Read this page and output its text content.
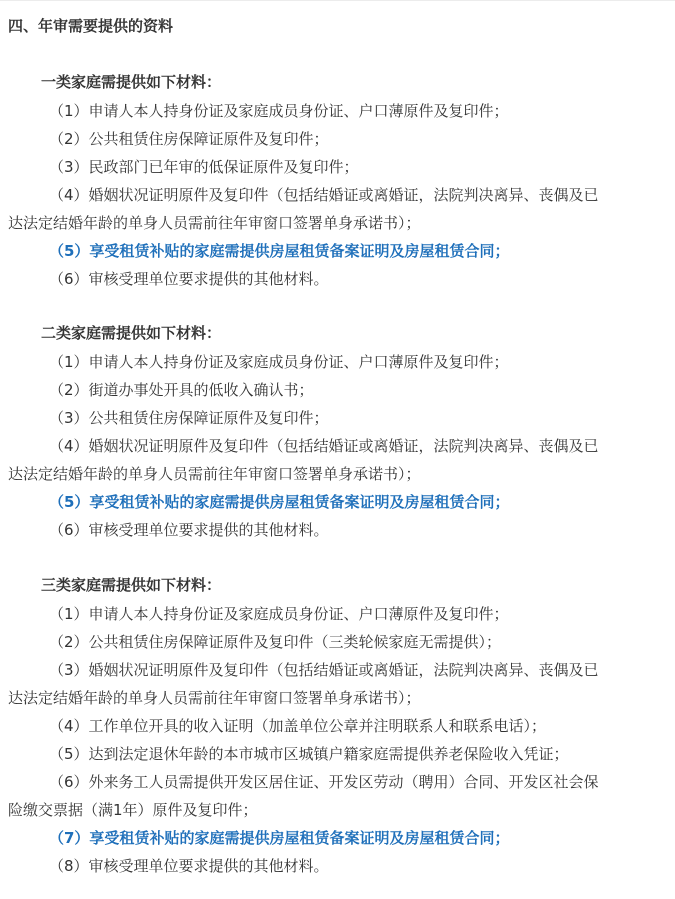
四、年审需要提供的资料
一类家庭需提供如下材料：
（1）申请人本人持身份证及家庭成员身份证、户口薄原件及复印件；
（2）公共租赁住房保障证原件及复印件；
（3）民政部门已年审的低保证原件及复印件；
（4）婚姻状况证明原件及复印件（包括结婚证或离婚证，法院判决离异、丧偶及已
达法定结婚年龄的单身人员需前往年审窗口签署单身承诺书）；
（5）享受租赁补贴的家庭需提供房屋租赁备案证明及房屋租赁合同；
（6）审核受理单位要求提供的其他材料。
二类家庭需提供如下材料：
（1）申请人本人持身份证及家庭成员身份证、户口薄原件及复印件；
（2）街道办事处开具的低收入确认书；
（3）公共租赁住房保障证原件及复印件；
（4）婚姻状况证明原件及复印件（包括结婚证或离婚证，法院判决离异、丧偶及已
达法定结婚年龄的单身人员需前往年审窗口签署单身承诺书）；
（5）享受租赁补贴的家庭需提供房屋租赁备案证明及房屋租赁合同；
（6）审核受理单位要求提供的其他材料。
三类家庭需提供如下材料：
（1）申请人本人持身份证及家庭成员身份证、户口薄原件及复印件；
（2）公共租赁住房保障证原件及复印件（三类轮候家庭无需提供）；
（3）婚姻状况证明原件及复印件（包括结婚证或离婚证，法院判决离异、丧偶及已
达法定结婚年龄的单身人员需前往年审窗口签署单身承诺书）；
（4）工作单位开具的收入证明（加盖单位公章并注明联系人和联系电话）；
（5）达到法定退休年龄的本市城市区城镇户籍家庭需提供养老保险收入凭证；
（6）外来务工人员需提供开发区居住证、开发区劳动（聘用）合同、开发区社会保
险缴交票据（满1年）原件及复印件；
（7）享受租赁补贴的家庭需提供房屋租赁备案证明及房屋租赁合同；
（8）审核受理单位要求提供的其他材料。
